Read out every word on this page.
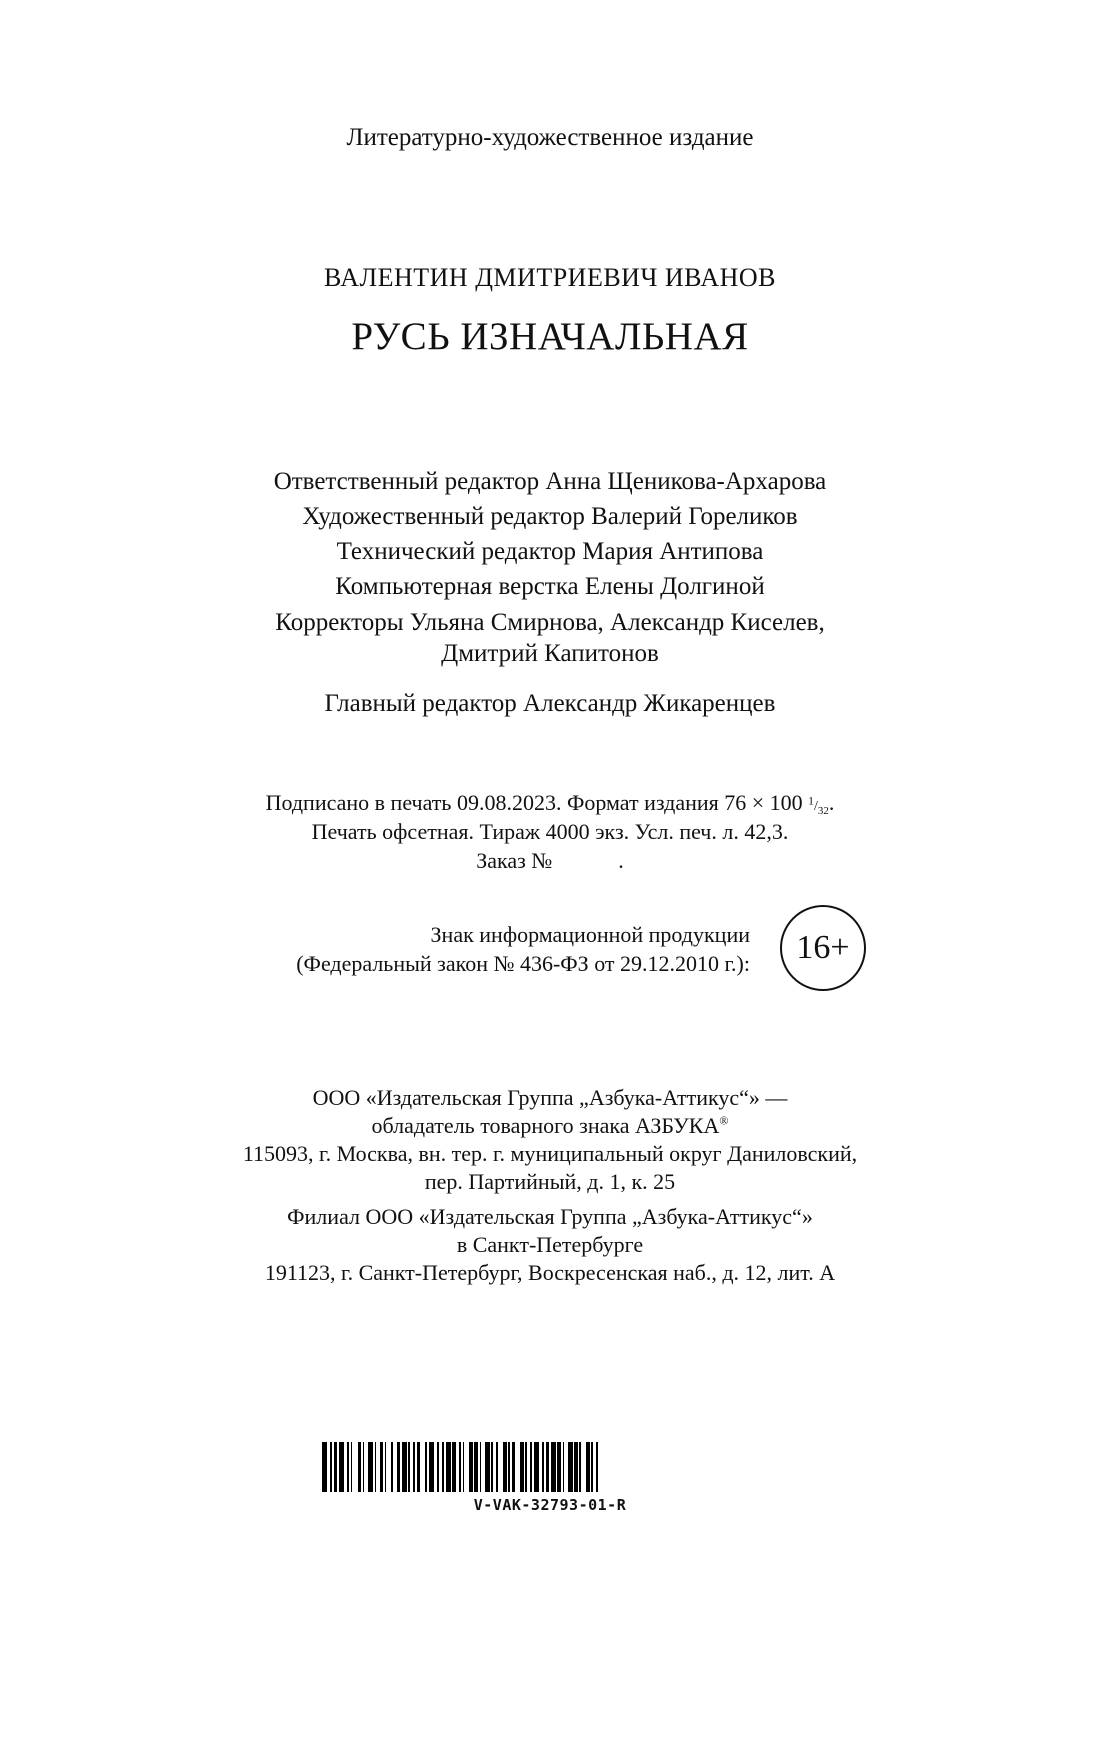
Литературно-художественное издание
ВАЛЕНТИН ДМИТРИЕВИЧ ИВАНОВ
РУСЬ ИЗНАЧАЛЬНАЯ
Ответственный редактор Анна Щеникова-Архарова
Художественный редактор Валерий Гореликов
Технический редактор Мария Антипова
Компьютерная верстка Елены Долгиной
Корректоры Ульяна Смирнова, Александр Киселев,
Дмитрий Капитонов
Главный редактор Александр Жикаренцев
Подписано в печать 09.08.2023. Формат издания 76 × 100 $^1/_{32}$.
Печать офсетная. Тираж 4000 экз. Усл. печ. л. 42,3.
Заказ №            .
Знак информационной продукции
(Федеральный закон № 436-ФЗ от 29.12.2010 г.):	16+
ООО «Издательская Группа „Азбука-Аттикус“» —
обладатель товарного знака АЗБУКА®
115093, г. Москва, вн. тер. г. муниципальный округ Даниловский,
пер. Партийный, д. 1, к. 25
Филиал ООО «Издательская Группа „Азбука-Аттикус“»
в Санкт-Петербурге
191123, г. Санкт-Петербург, Воскресенская наб., д. 12, лит. А
V-VAK-32793-01-R
